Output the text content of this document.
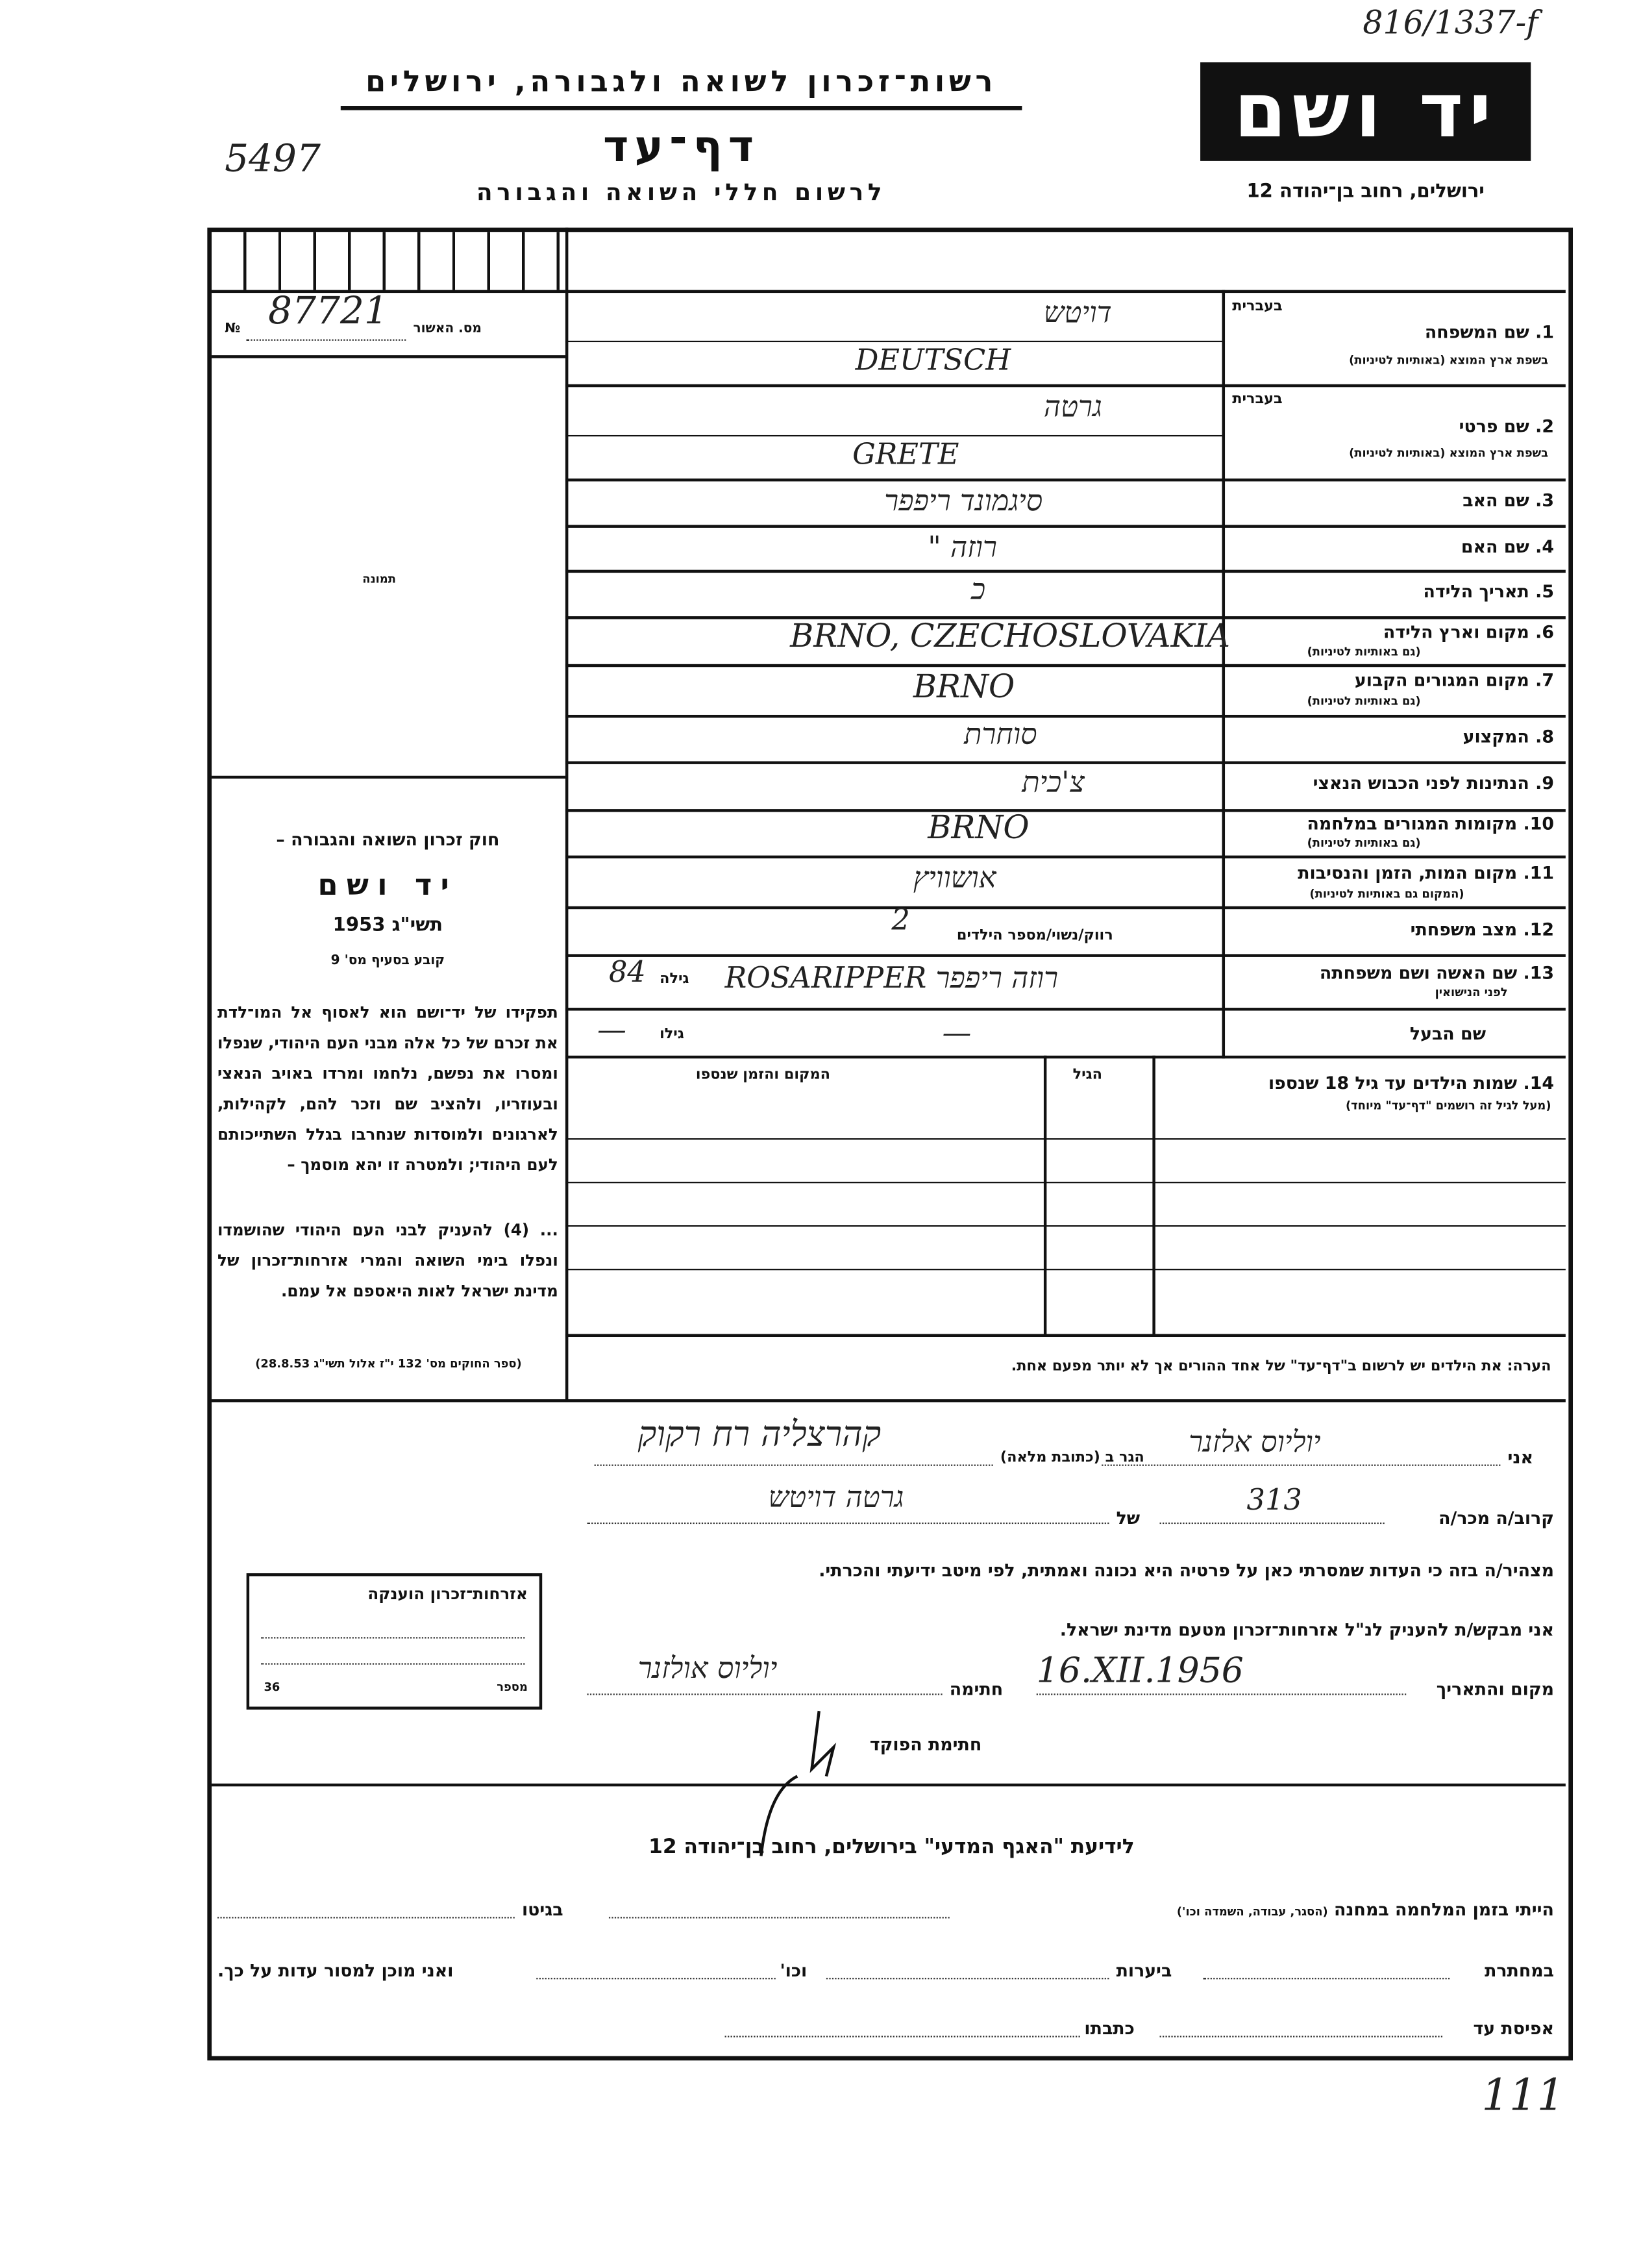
816/1337-f
רשות־זכרון לשואה ולגבורה, ירושלים
דף־עד
5497
לרשום חללי השואה והגבורה
יד ושם
ירושלים, רחוב בן־יהודה 12
מס. האשור
№ 87721
תמונה
חוק זכרון השואה והגבורה –
יד ושם
תשי"ג 1953
קובע בסעיף מס' 9
תפקידו של יד־ושם הוא לאסוף אל המו־לדת את זכרם של כל אלה מבני העם היהודי, שנפלו ומסרו את נפשם, נלחמו ומרדו באויב הנאצי ובעוזריו, ולהציב שם וזכר להם, לקהילות, לארגונים ולמוסדות שנחרבו בגלל השתייכותם לעם היהודי; ולמטרה זו יהא מוסמך –
... (4) להעניק לבני העם היהודי שהושמדו ונפלו בימי השואה והמרי אזרחות־זכרון של מדינת ישראל לאות היאספם אל עמם.
(ספר החוקים מס' 132 י"ז אלול תשי"ג 28.8.53)
אזרחות־זכרון הוענקה
מספר
36
בעברית
1. שם המשפחה
בשפת ארץ המוצא (באותיות לטיניות)
דויטש
DEUTSCH
בעברית
2. שם פרטי
בשפת ארץ המוצא (באותיות לטיניות)
גרטה
GRETE
3. שם האב
סיגמונד ריפפר
4. שם האם
רוזה "
5. תאריך הלידה
כ
6. מקום וארץ הלידה
(גם באותיות לטיניות)
BRNO, CZECHOSLOVAKIA
7. מקום המגורים הקבוע
(גם באותיות לטיניות)
BRNO
8. המקצוע
סוחרת
9. הנתינות לפני הכבוש הנאצי
צ'כית
10. מקומות המגורים במלחמה
(גם באותיות לטיניות)
BRNO
11. מקום המות, הזמן והנסיבות
(המקום גם באותיות לטיניות)
אושוויץ
12. מצב משפחתי
רווק/נשוי/מספר הילדים
2
13. שם האשה ושם משפחתה
לפני הנישואין
גילה
84	רוזה ריפפר ROSARIPPER
שם הבעל
גילו
—	—
14. שמות הילדים עד גיל 18 שנספו
(מעל לגיל זה רושמים "דף־עד" מיוחד)
הגיל
המקום והזמן שנספו
הערה: את הילדים יש לרשום ב"דף־עד" של אחד ההורים אך לא יותר מפעם אחת.
אני
יוליוס אלזנר
הגר ב (כתובת מלאה)
קהרצליה רח רקוק
קרוב/ה מכר/ה
313
של
גרטה דויטש
מצהיר/ה בזה כי העדות שמסרתי כאן על פרטיה היא נכונה ואמתית, לפי מיטב ידיעתי והכרתי.
אני מבקש/ת להעניק לנ"ל אזרחות־זכרון מטעם מדינת ישראל.
מקום והתאריך
16.XII.1956
חתימה
יוליוס אולזנר
חתימת הפוקד
לידיעת "האגף המדעי" בירושלים, רחוב בן־יהודה 12
הייתי בזמן המלחמה במחנה (הסגר, עבודה, השמדה וכו')
בגיטו
במחתרת
ביערות
וכו'
ואני מוכן למסור עדות על כך.
אפיסת עד
כתבתו
111
